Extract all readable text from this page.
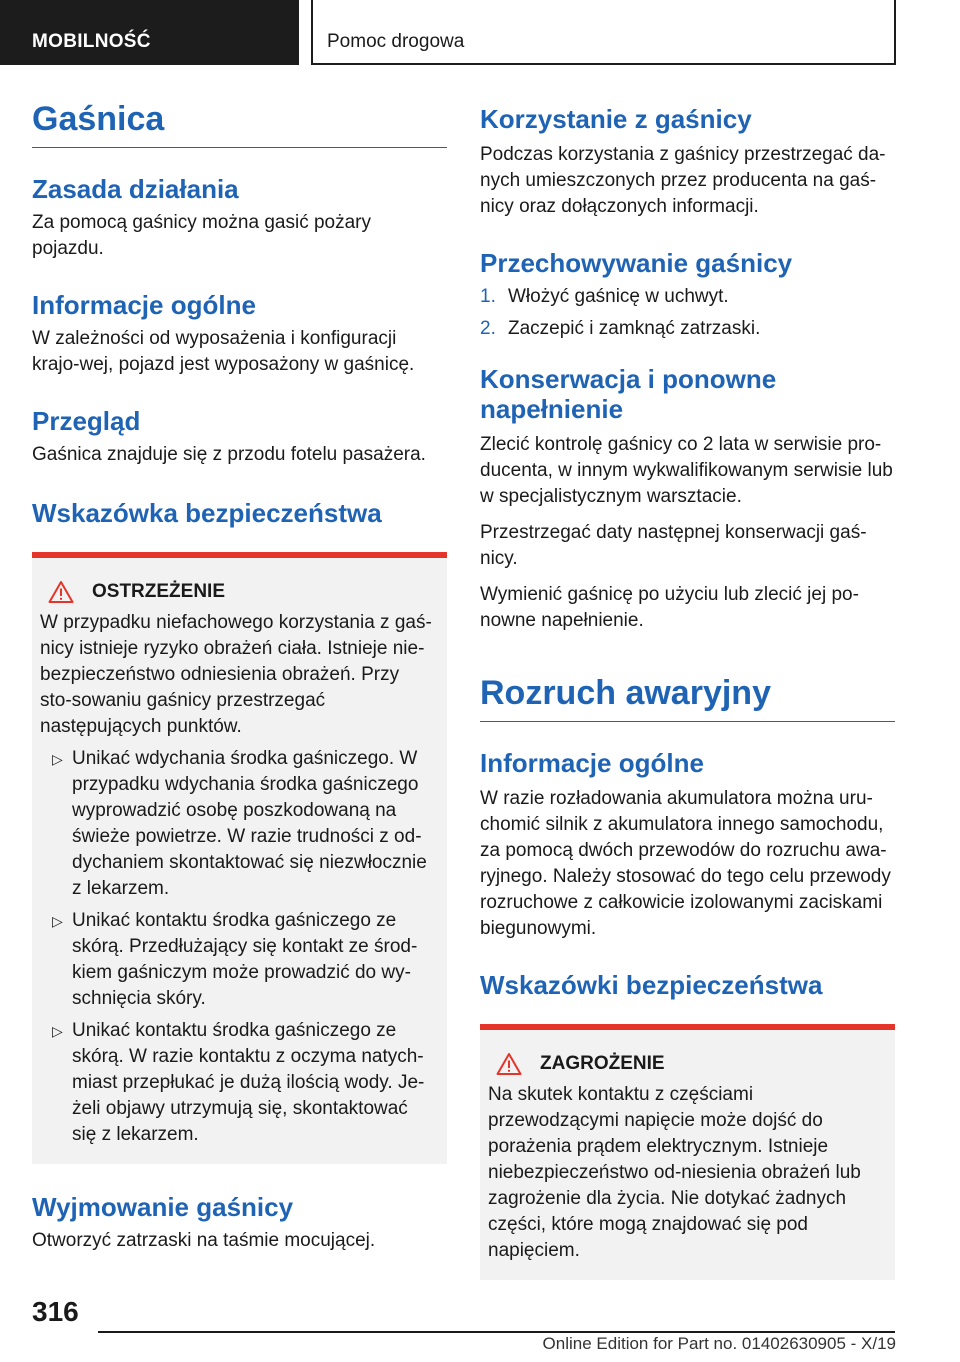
MOBILNOŚĆ	Pomoc drogowa
Gaśnica
Zasada działania

Za pomocą gaśnicy można gasić pożary pojazdu.

Informacje ogólne

W zależności od wyposażenia i konfiguracji krajo-wej, pojazd jest wyposażony w gaśnicę.

Przegląd

Gaśnica znajduje się z przodu fotelu pasażera.

Wskazówka bezpieczeństwa
OSTRZEŻENIE

W przypadku niefachowego korzystania z gaś-nicy istnieje ryzyko obrażeń ciała. Istnieje nie-bezpieczeństwo odniesienia obrażeń. Przy sto-sowaniu gaśnicy przestrzegać następujących punktów.

▷ Unikać wdychania środka gaśniczego. W przypadku wdychania środka gaśniczego wyprowadzić osobę poszkodowaną na świeże powietrze. W razie trudności z od-dychaniem skontaktować się niezwłocznie z lekarzem.
▷ Unikać kontaktu środka gaśniczego ze skórą. Przedłużający się kontakt ze środ-kiem gaśniczym może prowadzić do wy-schnięcia skóry.
▷ Unikać kontaktu środka gaśniczego ze skórą. W razie kontaktu z oczyma natych-miast przepłukać je dużą ilością wody. Je-żeli objawy utrzymują się, skontaktować się z lekarzem.
Wyjmowanie gaśnicy

Otworzyć zatrzaski na taśmie mocującej.

Korzystanie z gaśnicy

Podczas korzystania z gaśnicy przestrzegać da-nych umieszczonych przez producenta na gaś-nicy oraz dołączonych informacji.

Przechowywanie gaśnicy
1. Włożyć gaśnicę w uchwyt.
2. Zaczepić i zamknąć zatrzaski.
Konserwacja i ponowne napełnienie

Zlecić kontrolę gaśnicy co 2 lata w serwisie pro-ducenta, w innym wykwalifikowanym serwisie lub w specjalistycznym warsztacie.

Przestrzegać daty następnej konserwacji gaś-nicy.

Wymienić gaśnicę po użyciu lub zlecić jej po-nowne napełnienie.

Rozruch awaryjny
Informacje ogólne

W razie rozładowania akumulatora można uru-chomić silnik z akumulatora innego samochodu, za pomocą dwóch przewodów do rozruchu awa-ryjnego. Należy stosować do tego celu przewody rozruchowe z całkowicie izolowanymi zaciskami biegunowymi.

Wskazówki bezpieczeństwa
ZAGROŻENIE

Na skutek kontaktu z częściami przewodzącymi napięcie może dojść do porażenia prądem elektrycznym. Istnieje niebezpieczeństwo od-niesienia obrażeń lub zagrożenie dla życia. Nie dotykać żadnych części, które mogą znajdować się pod napięciem.

316
Online Edition for Part no. 01402630905 - X/19
